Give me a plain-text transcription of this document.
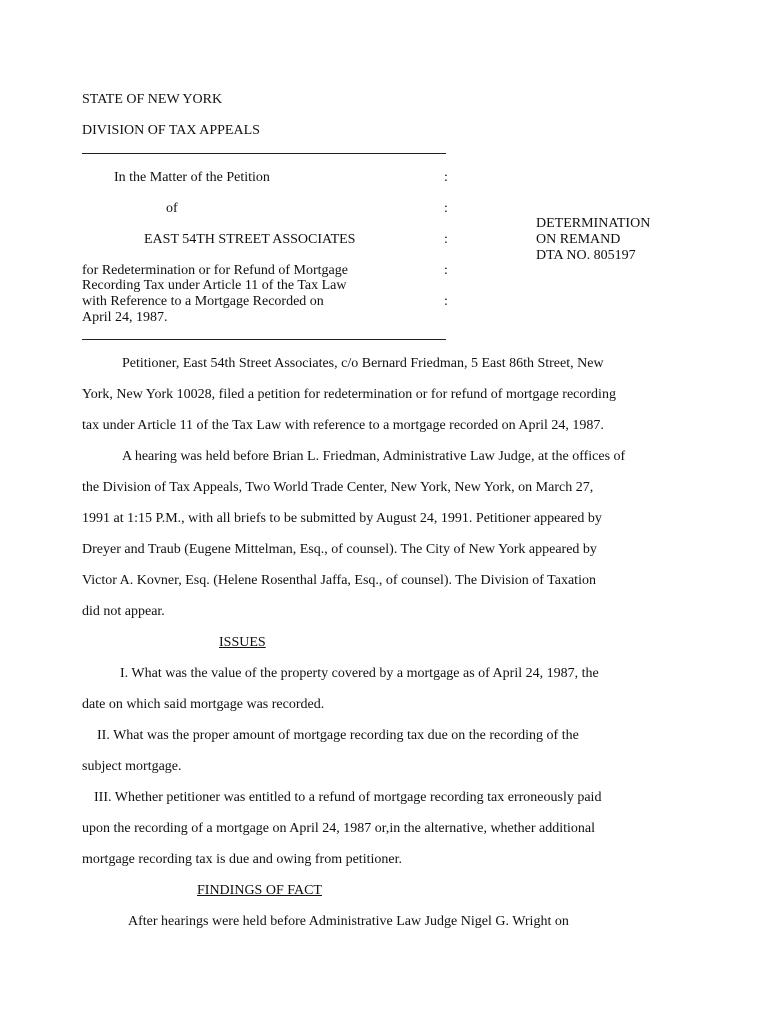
STATE OF NEW YORK
DIVISION OF TAX APPEALS
In the Matter of the Petition
of
EAST 54TH STREET ASSOCIATES
for Redetermination or for Refund of Mortgage
Recording Tax under Article 11 of the Tax Law
with Reference to a Mortgage Recorded on
April 24, 1987.
:
:
:
:
:
DETERMINATION
ON REMAND
DTA NO. 805197
Petitioner, East 54th Street Associates, c/o Bernard Friedman, 5 East 86th Street, New
York, New York 10028, filed a petition for redetermination or for refund of mortgage recording
tax under Article 11 of the Tax Law with reference to a mortgage recorded on April 24, 1987.
A hearing was held before Brian L. Friedman, Administrative Law Judge, at the offices of
the Division of Tax Appeals, Two World Trade Center, New York, New York, on March 27,
1991 at 1:15 P.M., with all briefs to be submitted by August 24, 1991. Petitioner appeared by
Dreyer and Traub (Eugene Mittelman, Esq., of counsel). The City of New York appeared by
Victor A. Kovner, Esq. (Helene Rosenthal Jaffa, Esq., of counsel). The Division of Taxation
did not appear.
ISSUES
I. What was the value of the property covered by a mortgage as of April 24, 1987, the
date on which said mortgage was recorded.
II. What was the proper amount of mortgage recording tax due on the recording of the
subject mortgage.
III. Whether petitioner was entitled to a refund of mortgage recording tax erroneously paid
upon the recording of a mortgage on April 24, 1987 or,in the alternative, whether additional
mortgage recording tax is due and owing from petitioner.
FINDINGS OF FACT
After hearings were held before Administrative Law Judge Nigel G. Wright on
